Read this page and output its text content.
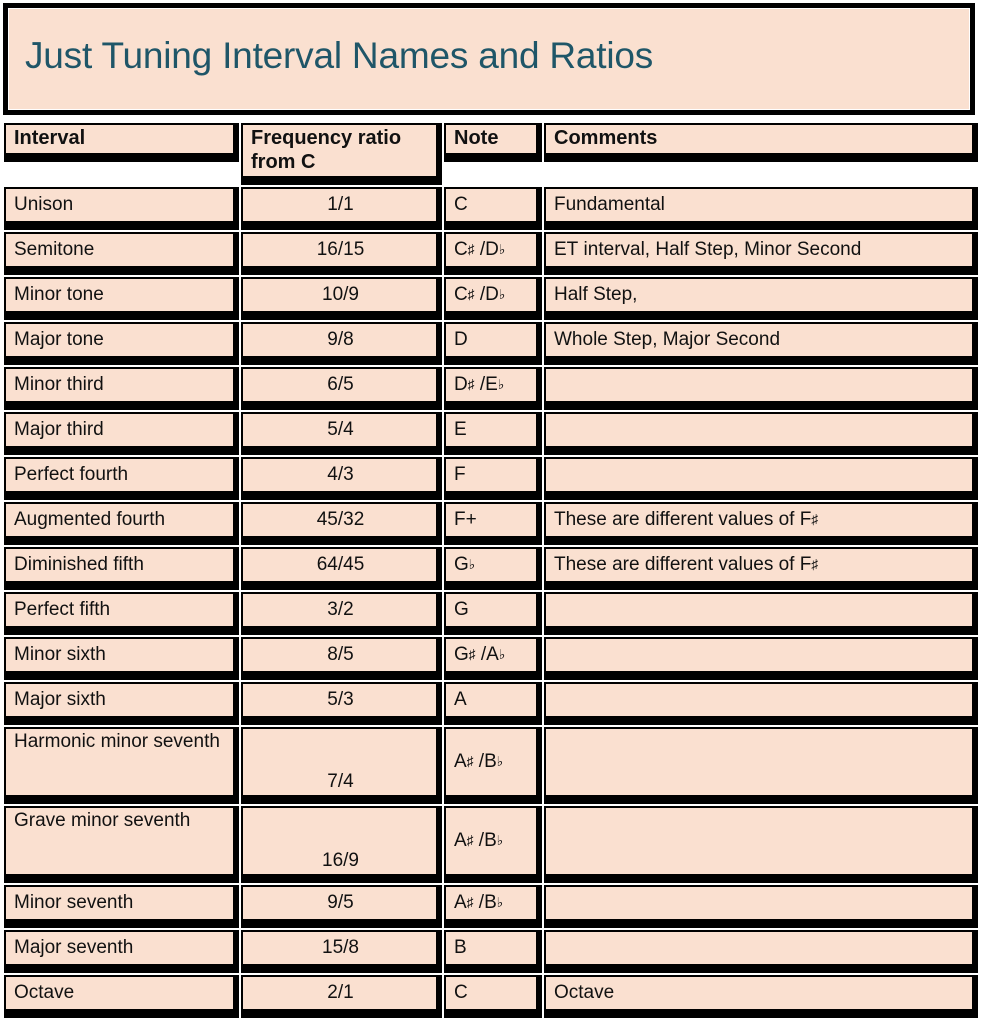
Just Tuning Interval Names and Ratios
Interval	Frequency ratio from C	Note	Comments

Unison	1/1	C	Fundamental

Semitone	16/15	C ♯ /D ♭	ET interval, Half Step, Minor Second

Minor tone	10/9	C ♯ /D ♭	Half Step,

Major tone	9/8	D	Whole Step, Major Second

Minor third	6/5	D ♯ /E ♭	

Major third	5/4	E	

Perfect fourth	4/3	F	

Augmented fourth	45/32	F+	These are different values of F ♯

Diminished fifth	64/45	G ♭	These are different values of F ♯

Perfect fifth	3/2	G	

Minor sixth	8/5	G ♯ /A ♭	

Major sixth	5/3	A	

Harmonic minor seventh	7/4	A ♯ /B ♭	

Grave minor seventh	16/9	A ♯ /B ♭	

Minor seventh	9/5	A ♯ /B ♭	

Major seventh	15/8	B	

Octave	2/1	C	Octave
